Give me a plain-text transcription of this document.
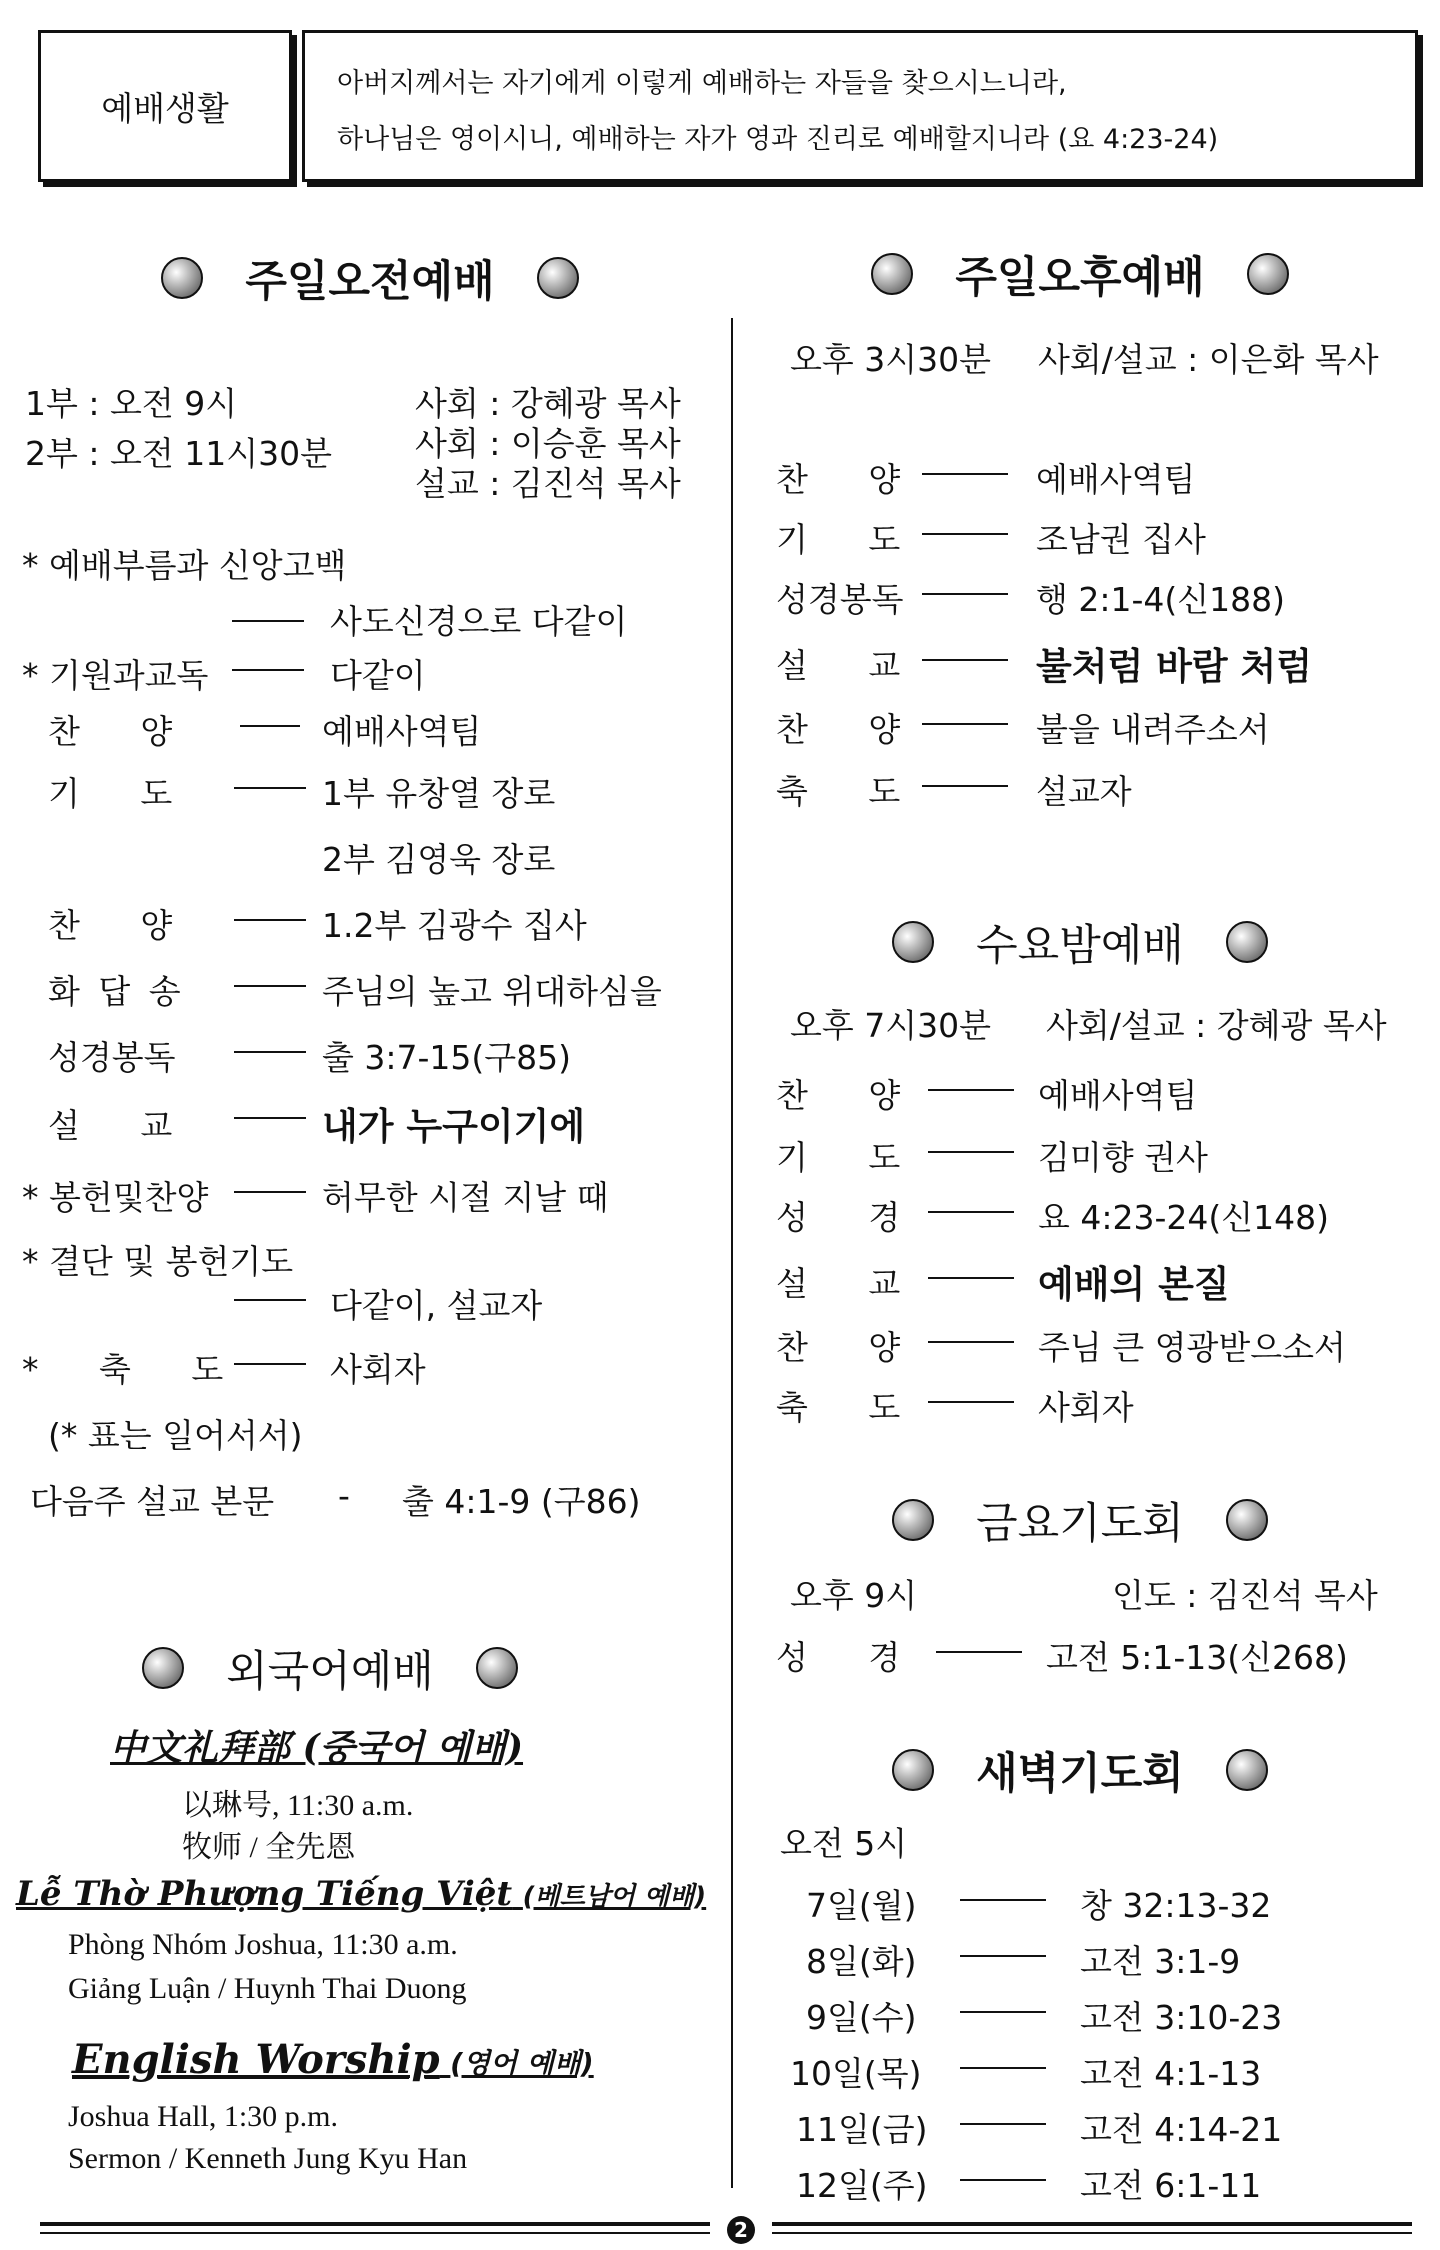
예배생활
아버지께서는 자기에게 이렇게 예배하는 자들을 찾으시느니라,
하나님은 영이시니, 예배하는 자가 영과 진리로 예배할지니라 (요 4:23-24)
주일오전예배
1부 : 오전 9시
2부 : 오전 11시30분
사회 : 강혜광 목사
사회 : 이승훈 목사
설교 : 김진석 목사
* 예배부름과 신앙고백
사도신경으로 다같이
* 기원과교독	다같이
찬 양	예배사역팀
기 도	1부 유창열 장로
2부 김영욱 장로
찬 양	1.2부 김광수 집사
화 답 송	주님의 높고 위대하심을
성경봉독	출 3:7-15(구85)
설 교	내가 누구이기에
* 봉헌및찬양	허무한 시절 지날 때
* 결단 및 봉헌기도
다같이, 설교자
* 축 도	사회자
(* 표는 일어서서)
다음주 설교 본문 - 출 4:1-9 (구86)
외국어예배
中文礼拜部 (중국어 예배)
以琳号, 11:30 a.m.
牧师 / 全先恩
Lễ Thờ Phượng Tiếng Việt (베트남어 예배)
Phòng Nhóm Joshua, 11:30 a.m.
Giảng Luận / Huynh Thai Duong
English Worship (영어 예배)
Joshua Hall, 1:30 p.m.
Sermon / Kenneth Jung Kyu Han
주일오후예배
오후 3시30분 사회/설교 : 이은화 목사
찬 양	예배사역팀
기 도	조남권 집사
성경봉독	행 2:1-4(신188)
설 교	불처럼 바람 처럼
찬 양	불을 내려주소서
축 도	설교자
수요밤예배
오후 7시30분 사회/설교 : 강혜광 목사
찬 양	예배사역팀
기 도	김미향 권사
성 경	요 4:23-24(신148)
설 교	예배의 본질
찬 양	주님 큰 영광받으소서
축 도	사회자
금요기도회
오후 9시	인도 : 김진석 목사
성 경	고전 5:1-13(신268)
새벽기도회
오전 5시
7일(월)	창 32:13-32
8일(화)	고전 3:1-9
9일(수)	고전 3:10-23
10일(목)	고전 4:1-13
11일(금)	고전 4:14-21
12일(주)	고전 6:1-11
2
